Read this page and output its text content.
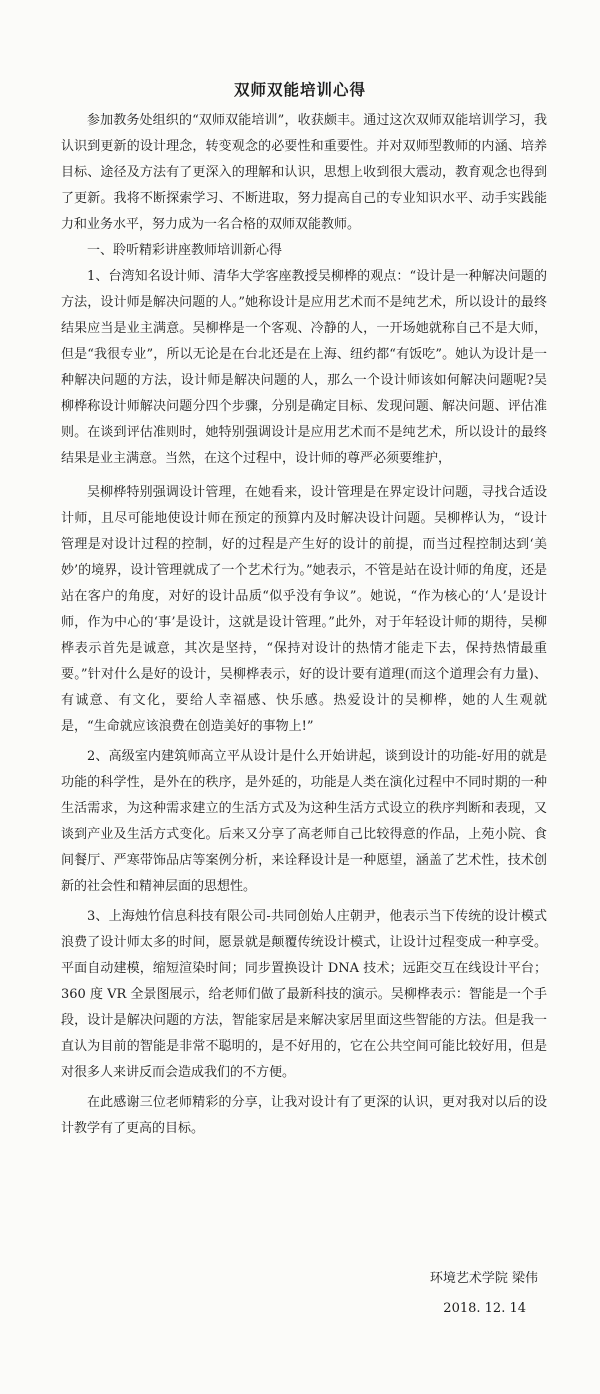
双师双能培训心得

参加教务处组织的“双师双能培训”，收获颇丰。通过这次双师双能培训学习，我认识到更新的设计理念，转变观念的必要性和重要性。并对双师型教师的内涵、培养目标、途径及方法有了更深入的理解和认识，思想上收到很大震动，教育观念也得到了更新。我将不断探索学习、不断进取，努力提高自己的专业知识水平、动手实践能力和业务水平，努力成为一名合格的双师双能教师。

一、聆听精彩讲座教师培训新心得

1、台湾知名设计师、清华大学客座教授吴柳桦的观点：“设计是一种解决问题的方法，设计师是解决问题的人。”她称设计是应用艺术而不是纯艺术，所以设计的最终结果应当是业主满意。吴柳桦是一个客观、冷静的人，一开场她就称自己不是大师，但是“我很专业”，所以无论是在台北还是在上海、纽约都“有饭吃”。她认为设计是一种解决问题的方法，设计师是解决问题的人，那么一个设计师该如何解决问题呢?吴柳桦称设计师解决问题分四个步骤，分别是确定目标、发现问题、解决问题、评估准则。在谈到评估准则时，她特别强调设计是应用艺术而不是纯艺术，所以设计的最终结果是业主满意。当然，在这个过程中，设计师的尊严必须要维护，

吴柳桦特别强调设计管理，在她看来，设计管理是在界定设计问题，寻找合适设计师，且尽可能地使设计师在预定的预算内及时解决设计问题。吴柳桦认为，“设计管理是对设计过程的控制，好的过程是产生好的设计的前提，而当过程控制达到‘美妙’的境界，设计管理就成了一个艺术行为。”她表示，不管是站在设计师的角度，还是站在客户的角度，对好的设计品质“似乎没有争议”。她说，“作为核心的‘人’是设计师，作为中心的‘事’是设计，这就是设计管理。”此外，对于年轻设计师的期待，吴柳桦表示首先是诚意，其次是坚持，“保持对设计的热情才能走下去，保持热情最重要。”针对什么是好的设计，吴柳桦表示，好的设计要有道理(而这个道理会有力量)、有诚意、有文化，要给人幸福感、快乐感。热爱设计的吴柳桦，她的人生观就是，“生命就应该浪费在创造美好的事物上!”

2、高级室内建筑师高立平从设计是什么开始讲起，谈到设计的功能-好用的就是功能的科学性，是外在的秩序，是外延的，功能是人类在演化过程中不同时期的一种生活需求，为这种需求建立的生活方式及为这种生活方式设立的秩序判断和表现，又谈到产业及生活方式变化。后来又分享了高老师自己比较得意的作品，上苑小院、食间餐厅、严寒带饰品店等案例分析，来诠释设计是一种愿望，涵盖了艺术性，技术创新的社会性和精神层面的思想性。

3、上海烛竹信息科技有限公司-共同创始人庄朝尹，他表示当下传统的设计模式浪费了设计师太多的时间，愿景就是颠覆传统设计模式，让设计过程变成一种享受。平面自动建模，缩短渲染时间；同步置换设计 DNA 技术；远距交互在线设计平台；360 度 VR 全景图展示，给老师们做了最新科技的演示。吴柳桦表示：智能是一个手段，设计是解决问题的方法，智能家居是来解决家居里面这些智能的方法。但是我一直认为目前的智能是非常不聪明的，是不好用的，它在公共空间可能比较好用，但是对很多人来讲反而会造成我们的不方便。

在此感谢三位老师精彩的分享，让我对设计有了更深的认识，更对我对以后的设计教学有了更高的目标。

环境艺术学院 梁伟
2018. 12. 14
